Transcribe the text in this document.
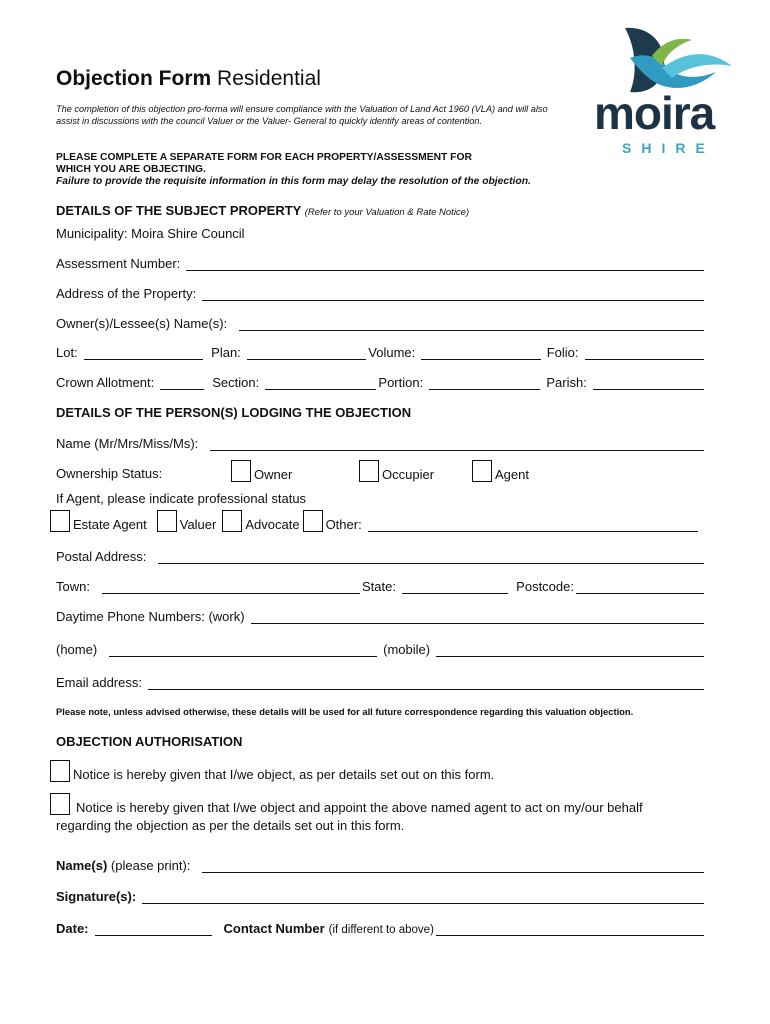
moira
SHIRE
Objection Form Residential
The completion of this objection pro-forma will ensure compliance with the Valuation of Land Act 1960 (VLA) and will also assist in discussions with the council Valuer or the Valuer- General to quickly identify areas of contention.
PLEASE COMPLETE A SEPARATE FORM FOR EACH PROPERTY/ASSESSMENT FOR
WHICH YOU ARE OBJECTING.
Failure to provide the requisite information in this form may delay the resolution of the objection.
DETAILS OF THE SUBJECT PROPERTY (Refer to your Valuation & Rate Notice)
Municipality: Moira Shire Council
Assessment Number:
Address of the Property:
Owner(s)/Lessee(s) Name(s):
Lot:	Plan:	Volume:	Folio:
Crown Allotment:	Section:	Portion:	Parish:
DETAILS OF THE PERSON(S) LODGING THE OBJECTION
Name (Mr/Mrs/Miss/Ms):
Ownership Status:	Owner	Occupier	Agent
If Agent, please indicate professional status
Estate Agent	Valuer Advocate Other:
Postal Address:
Town:	State:	Postcode:
Daytime Phone Numbers: (work)
(home)	(mobile)
Email address:
Please note, unless advised otherwise, these details will be used for all future correspondence regarding this valuation objection.
OBJECTION AUTHORISATION
Notice is hereby given that I/we object, as per details set out on this form.
Notice is hereby given that I/we object and appoint the above named agent to act on my/our behalf
regarding the objection as per the details set out in this form.
Name(s) (please print):
Signature(s):
Date:	Contact Number (if different to above)
